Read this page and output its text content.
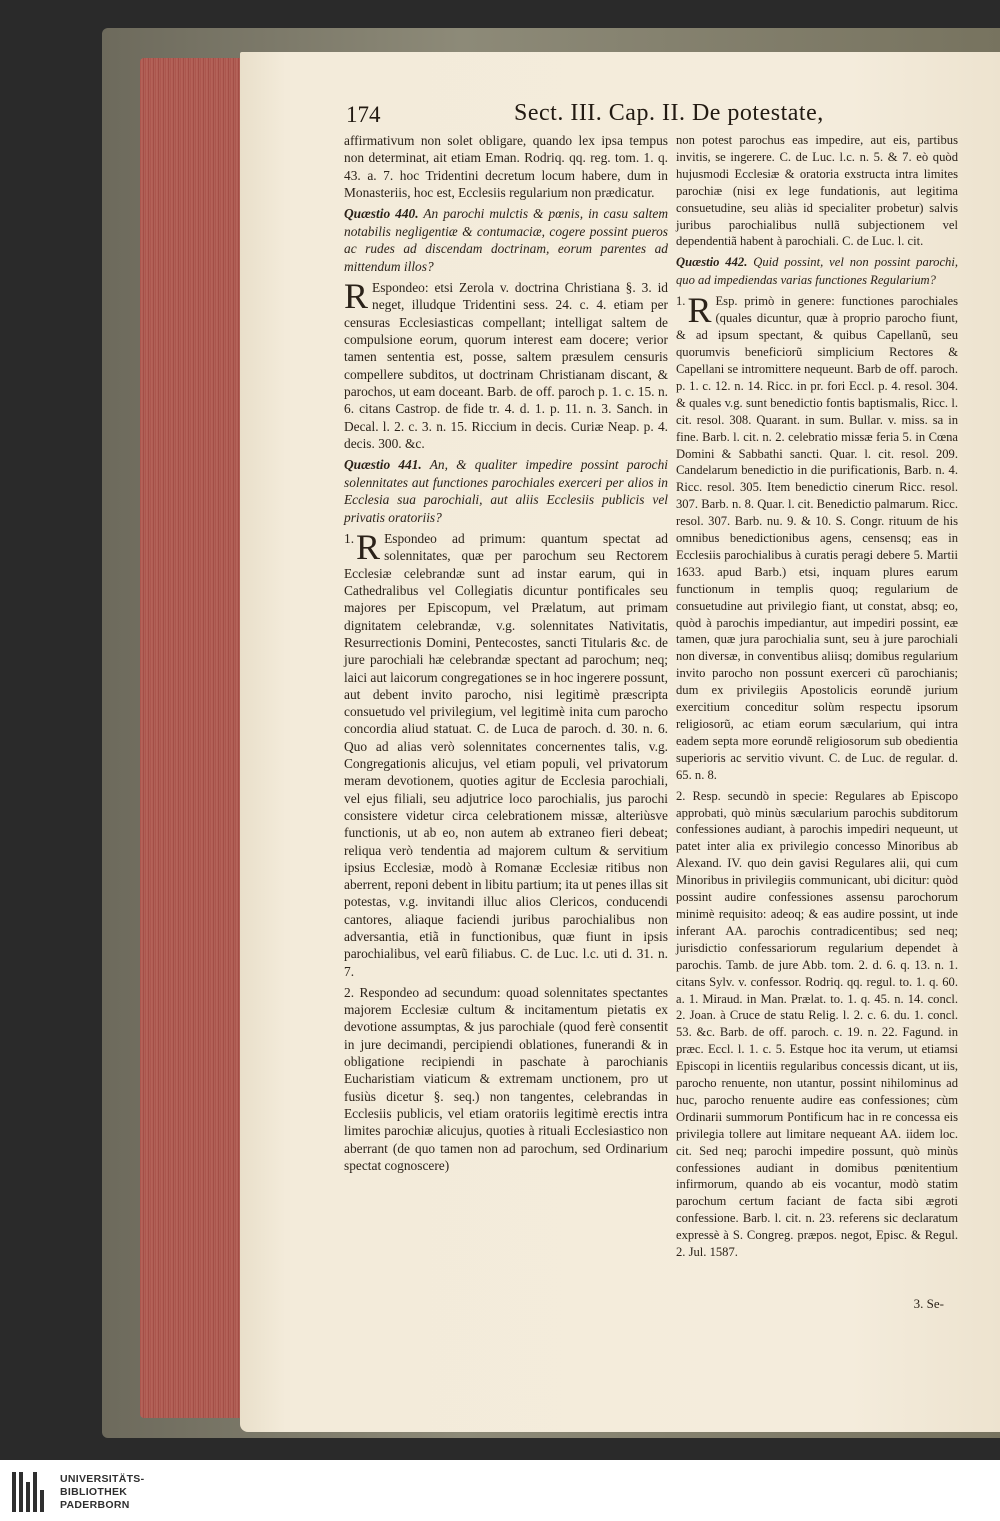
174	Sect. III. Cap. II. De potestate,

affirmativum non solet obligare, quando lex ipsa tempus non determinat, ait etiam Eman. Rodriq. qq. reg. tom. 1. q. 43. a. 7. hoc Tridentini decretum locum habere, dum in Monasteriis, hoc est, Ecclesiis regularium non prædicatur.

Quæstio 440. An parochi mulctis & pœnis, in casu saltem notabilis negligentiæ & contumaciæ, cogere possint pueros ac rudes ad discendam doctrinam, eorum parentes ad mittendum illos?

R Espondeo: etsi Zerola v. doctrina Christiana §. 3. id neget, illudque Tridentini sess. 24. c. 4. etiam per censuras Ecclesiasticas compellant; intelligat saltem de compulsione eorum, quorum interest eam docere; verior tamen sententia est, posse, saltem præsulem censuris compellere subditos, ut doctrinam Christianam discant, & parochos, ut eam doceant. Barb. de off. paroch p. 1. c. 15. n. 6. citans Castrop. de fide tr. 4. d. 1. p. 11. n. 3. Sanch. in Decal. l. 2. c. 3. n. 15. Riccium in decis. Curiæ Neap. p. 4. decis. 300. &c.

Quæstio 441. An, & qualiter impedire possint parochi solennitates aut functiones parochiales exerceri per alios in Ecclesia sua parochiali, aut aliis Ecclesiis publicis vel privatis oratoriis?

1. R Espondeo ad primum: quantum spectat ad solennitates, quæ per parochum seu Rectorem Ecclesiæ celebrandæ sunt ad instar earum, qui in Cathedralibus vel Collegiatis dicuntur pontificales seu majores per Episcopum, vel Prælatum, aut primam dignitatem celebrandæ, v.g. solennitates Nativitatis, Resurrectionis Domini, Pentecostes, sancti Titularis &c. de jure parochiali hæ celebrandæ spectant ad parochum; neq; laici aut laicorum congregationes se in hoc ingerere possunt, aut debent invito parocho, nisi legitimè præscripta consuetudo vel privilegium, vel legitimè inita cum parocho concordia aliud statuat. C. de Luca de paroch. d. 30. n. 6. Quo ad alias verò solennitates concernentes talis, v.g. Congregationis alicujus, vel etiam populi, vel privatorum meram devotionem, quoties agitur de Ecclesia parochiali, vel ejus filiali, seu adjutrice loco parochialis, jus parochi consistere videtur circa celebrationem missæ, alteriùsve functionis, ut ab eo, non autem ab extraneo fieri debeat; reliqua verò tendentia ad majorem cultum & servitium ipsius Ecclesiæ, modò à Romanæ Ecclesiæ ritibus non aberrent, reponi debent in libitu partium; ita ut penes illas sit potestas, v.g. invitandi illuc alios Clericos, conducendi cantores, aliaque faciendi juribus parochialibus non adversantia, etiã in functionibus, quæ fiunt in ipsis parochialibus, vel earũ filiabus. C. de Luc. l.c. uti d. 31. n. 7.

2. Respondeo ad secundum: quoad solennitates spectantes majorem Ecclesiæ cultum & incitamentum pietatis ex devotione assumptas, & jus parochiale (quod ferè consentit in jure decimandi, percipiendi oblationes, funerandi & in obligatione recipiendi in paschate à parochianis Eucharistiam viaticum & extremam unctionem, pro ut fusiùs dicetur §. seq.) non tangentes, celebrandas in Ecclesiis publicis, vel etiam oratoriis legitimè erectis intra limites parochiæ alicujus, quoties à rituali Ecclesiastico non aberrant (de quo tamen non ad parochum, sed Ordinarium spectat cognoscere)

non potest parochus eas impedire, aut eis, partibus invitis, se ingerere. C. de Luc. l.c. n. 5. & 7. eò quòd hujusmodi Ecclesiæ & oratoria exstructa intra limites parochiæ (nisi ex lege fundationis, aut legitima consuetudine, seu aliàs id specialiter probetur) salvis juribus parochialibus nullã subjectionem vel dependentiã habent à parochiali. C. de Luc. l. cit.

Quæstio 442. Quid possint, vel non possint parochi, quo ad impediendas varias functiones Regularium?

1. R Esp. primò in genere: functiones parochiales (quales dicuntur, quæ à proprio parocho fiunt, & ad ipsum spectant, & quibus Capellanũ, seu quorumvis beneficiorũ simplicium Rectores & Capellani se intromittere nequeunt. Barb de off. paroch. p. 1. c. 12. n. 14. Ricc. in pr. fori Eccl. p. 4. resol. 304. & quales v.g. sunt benedictio fontis baptismalis, Ricc. l. cit. resol. 308. Quarant. in sum. Bullar. v. miss. sa in fine. Barb. l. cit. n. 2. celebratio missæ feria 5. in Cœna Domini & Sabbathi sancti. Quar. l. cit. resol. 209. Candelarum benedictio in die purificationis, Barb. n. 4. Ricc. resol. 305. Item benedictio cinerum Ricc. resol. 307. Barb. n. 8. Quar. l. cit. Benedictio palmarum. Ricc. resol. 307. Barb. nu. 9. & 10. S. Congr. rituum de his omnibus benedictionibus agens, censensq; eas in Ecclesiis parochialibus à curatis peragi debere 5. Martii 1633. apud Barb.) etsi, inquam plures earum functionum in templis quoq; regularium de consuetudine aut privilegio fiant, ut constat, absq; eo, quòd à parochis impediantur, aut impediri possint, eæ tamen, quæ jura parochialia sunt, seu à jure parochiali non diversæ, in conventibus aliisq; domibus regularium invito parocho non possunt exerceri cũ parochianis; dum ex privilegiis Apostolicis eorundẽ jurium exercitium conceditur solùm respectu ipsorum religiosorũ, ac etiam eorum sæcularium, qui intra eadem septa more eorundẽ religiosorum sub obedientia superioris ac servitio vivunt. C. de Luc. de regular. d. 65. n. 8.

2. Resp. secundò in specie: Regulares ab Episcopo approbati, quò minùs sæcularium parochis subditorum confessiones audiant, à parochis impediri nequeunt, ut patet inter alia ex privilegio concesso Minoribus ab Alexand. IV. quo dein gavisi Regulares alii, qui cum Minoribus in privilegiis communicant, ubi dicitur: quòd possint audire confessiones assensu parochorum minimè requisito: adeoq; & eas audire possint, ut inde inferant AA. parochis contradicentibus; sed neq; jurisdictio confessariorum regularium dependet à parochis. Tamb. de jure Abb. tom. 2. d. 6. q. 13. n. 1. citans Sylv. v. confessor. Rodriq. qq. regul. to. 1. q. 60. a. 1. Miraud. in Man. Prælat. to. 1. q. 45. n. 14. concl. 2. Joan. à Cruce de statu Relig. l. 2. c. 6. du. 1. concl. 53. &c. Barb. de off. paroch. c. 19. n. 22. Fagund. in præc. Eccl. l. 1. c. 5. Estque hoc ita verum, ut etiamsi Episcopi in licentiis regularibus concessis dicant, ut iis, parocho renuente, non utantur, possint nihilominus ad huc, parocho renuente audire eas confessiones; cùm Ordinarii summorum Pontificum hac in re concessa eis privilegia tollere aut limitare nequeant AA. iidem loc. cit. Sed neq; parochi impedire possunt, quò minùs confessiones audiant in domibus pœnitentium infirmorum, quando ab eis vocantur, modò statim parochum certum faciant de facta sibi ægroti confessione. Barb. l. cit. n. 23. referens sic declaratum expressè à S. Congreg. præpos. negot, Episc. & Regul. 2. Jul. 1587.

3. Se-
UNIVERSITÄTS-
BIBLIOTHEK
PADERBORN
